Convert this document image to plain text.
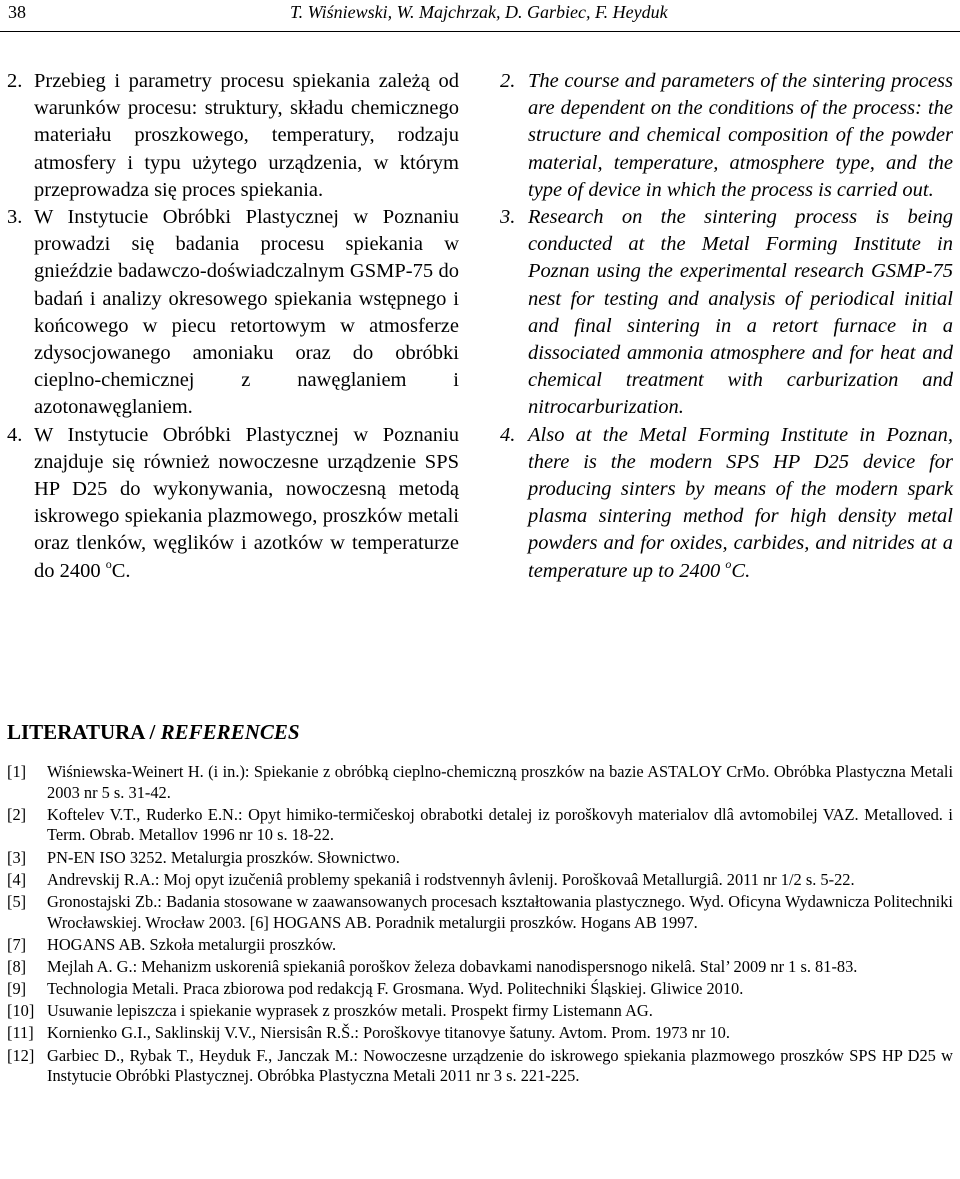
38	T. Wiśniewski, W. Majchrzak, D. Garbiec, F. Heyduk
2. Przebieg i parametry procesu spiekania zależą od warunków procesu: struktury, składu chemicznego materiału proszkowego, temperatury, rodzaju atmosfery i typu użytego urządzenia, w którym przeprowadza się proces spiekania.
3. W Instytucie Obróbki Plastycznej w Poznaniu prowadzi się badania procesu spiekania w gnieździe badawczo-doświadczalnym GSMP-75 do badań i analizy okresowego spiekania wstępnego i końcowego w piecu retortowym w atmosferze zdysocjowanego amoniaku oraz do obróbki cieplno-chemicznej z nawęglaniem i azotonawęglaniem.
4. W Instytucie Obróbki Plastycznej w Poznaniu znajduje się również nowoczesne urządzenie SPS HP D25 do wykonywania, nowoczesną metodą iskrowego spiekania plazmowego, proszków metali oraz tlenków, węglików i azotków w temperaturze do 2400 $^o$C.
2. The course and parameters of the sintering process are dependent on the conditions of the process: the structure and chemical composition of the powder material, temperature, atmosphere type, and the type of device in which the process is carried out.
3. Research on the sintering process is being conducted at the Metal Forming Institute in Poznan using the experimental research GSMP-75 nest for testing and analysis of periodical initial and final sintering in a retort furnace in a dissociated ammonia atmosphere and for heat and chemical treatment with carburization and nitrocarburization.
4. Also at the Metal Forming Institute in Poznan, there is the modern SPS HP D25 device for producing sinters by means of the modern spark plasma sintering method for high density metal powders and for oxides, carbides, and nitrides at a temperature up to 2400 $^o$C.
LITERATURA / REFERENCES
[1]	Wiśniewska-Weinert H. (i in.): Spiekanie z obróbką cieplno-chemiczną proszków na bazie ASTALOY CrMo. Obróbka Plastyczna Metali 2003 nr 5 s. 31-42.
[2]	Koftelev V.T., Ruderko E.N.: Opyt himiko-termičeskoj obrabotki detalej iz poroškovyh materialov dlâ avtomobilej VAZ. Metalloved. i Term. Obrab. Metallov 1996 nr 10 s. 18-22.
[3]	PN-EN ISO 3252. Metalurgia proszków. Słownictwo.
[4]	Andrevskij R.A.: Moj opyt izučeniâ problemy spekaniâ i rodstvennyh âvlenij. Poroškovaâ Metallurgiâ. 2011 nr 1/2 s. 5-22.
[5]	Gronostajski Zb.: Badania stosowane w zaawansowanych procesach kształtowania plastycznego. Wyd. Oficyna Wydawnicza Politechniki Wrocławskiej. Wrocław 2003. [6] HOGANS AB. Poradnik metalurgii proszków. Hogans AB 1997.
[7]	HOGANS AB. Szkoła metalurgii proszków.
[8]	Mejlah A. G.: Mehanizm uskoreniâ spiekaniâ poroškov železa dobavkami nanodispersnogo nikelâ. Stal’ 2009 nr 1 s. 81-83.
[9]	Technologia Metali. Praca zbiorowa pod redakcją F. Grosmana. Wyd. Politechniki Śląskiej. Gliwice 2010.
[10] Usuwanie lepiszcza i spiekanie wyprasek z proszków metali. Prospekt firmy Listemann AG.
[11] Kornienko G.I., Saklinskij V.V., Niersisân R.Š.: Poroškovye titanovye šatuny. Avtom. Prom. 1973 nr 10.
[12] Garbiec D., Rybak T., Heyduk F., Janczak M.: Nowoczesne urządzenie do iskrowego spiekania plazmowego proszków SPS HP D25 w Instytucie Obróbki Plastycznej. Obróbka Plastyczna Metali 2011 nr 3 s. 221-225.
